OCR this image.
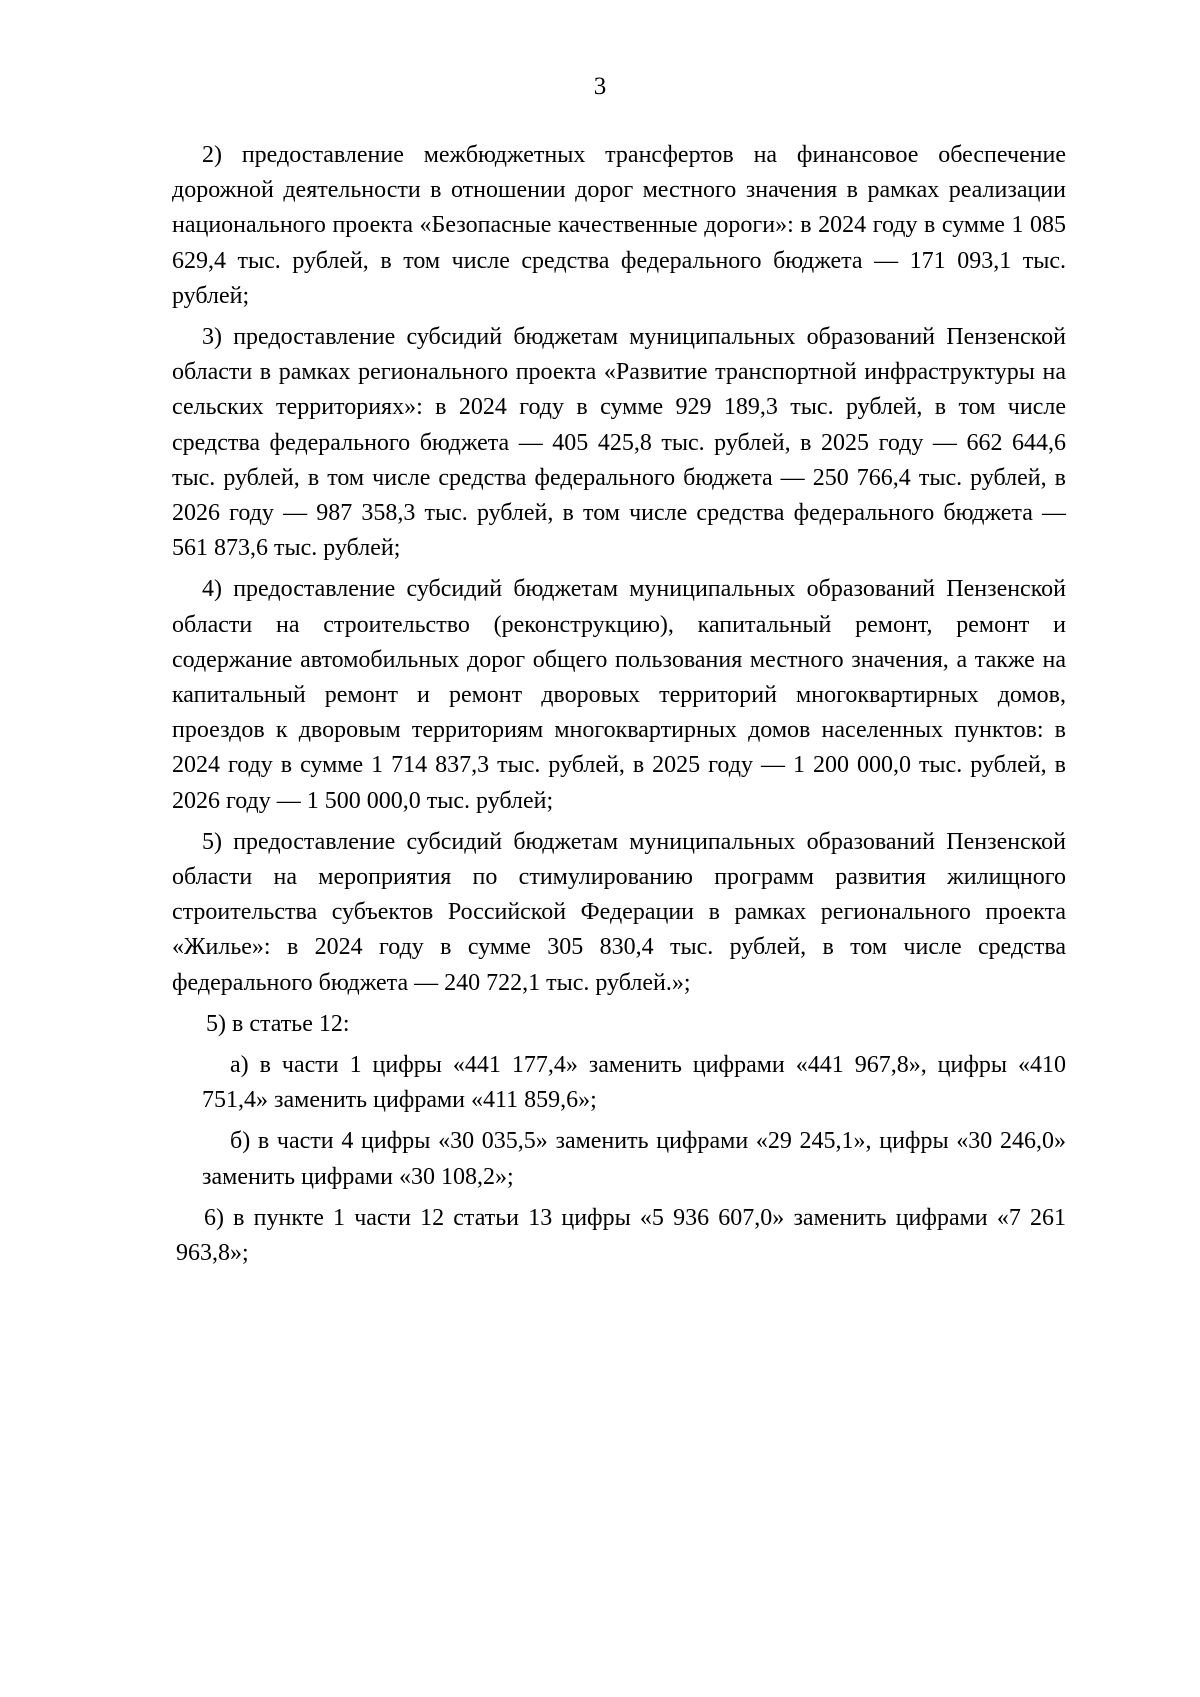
3

2) предоставление межбюджетных трансфертов на финансовое обеспечение дорожной деятельности в отношении дорог местного значения в рамках реализации национального проекта «Безопасные качественные дороги»: в 2024 году в сумме 1 085 629,4 тыс. рублей, в том числе средства федерального бюджета — 171 093,1 тыс. рублей;

3) предоставление субсидий бюджетам муниципальных образований Пензенской области в рамках регионального проекта «Развитие транспортной инфраструктуры на сельских территориях»: в 2024 году в сумме 929 189,3 тыс. рублей, в том числе средства федерального бюджета — 405 425,8 тыс. рублей, в 2025 году — 662 644,6 тыс. рублей, в том числе средства федерального бюджета — 250 766,4 тыс. рублей, в 2026 году — 987 358,3 тыс. рублей, в том числе средства федерального бюджета — 561 873,6 тыс. рублей;

4) предоставление субсидий бюджетам муниципальных образований Пензенской области на строительство (реконструкцию), капитальный ремонт, ремонт и содержание автомобильных дорог общего пользования местного значения, а также на капитальный ремонт и ремонт дворовых территорий многоквартирных домов, проездов к дворовым территориям многоквартирных домов населенных пунктов: в 2024 году в сумме 1 714 837,3 тыс. рублей, в 2025 году — 1 200 000,0 тыс. рублей, в 2026 году — 1 500 000,0 тыс. рублей;

5) предоставление субсидий бюджетам муниципальных образований Пензенской области на мероприятия по стимулированию программ развития жилищного строительства субъектов Российской Федерации в рамках регионального проекта «Жилье»: в 2024 году в сумме 305 830,4 тыс. рублей, в том числе средства федерального бюджета — 240 722,1 тыс. рублей.»;

5) в статье 12:

а) в части 1 цифры «441 177,4» заменить цифрами «441 967,8», цифры «410 751,4» заменить цифрами «411 859,6»;

б) в части 4 цифры «30 035,5» заменить цифрами «29 245,1», цифры «30 246,0» заменить цифрами «30 108,2»;

6) в пункте 1 части 12 статьи 13 цифры «5 936 607,0» заменить цифрами «7 261 963,8»;
